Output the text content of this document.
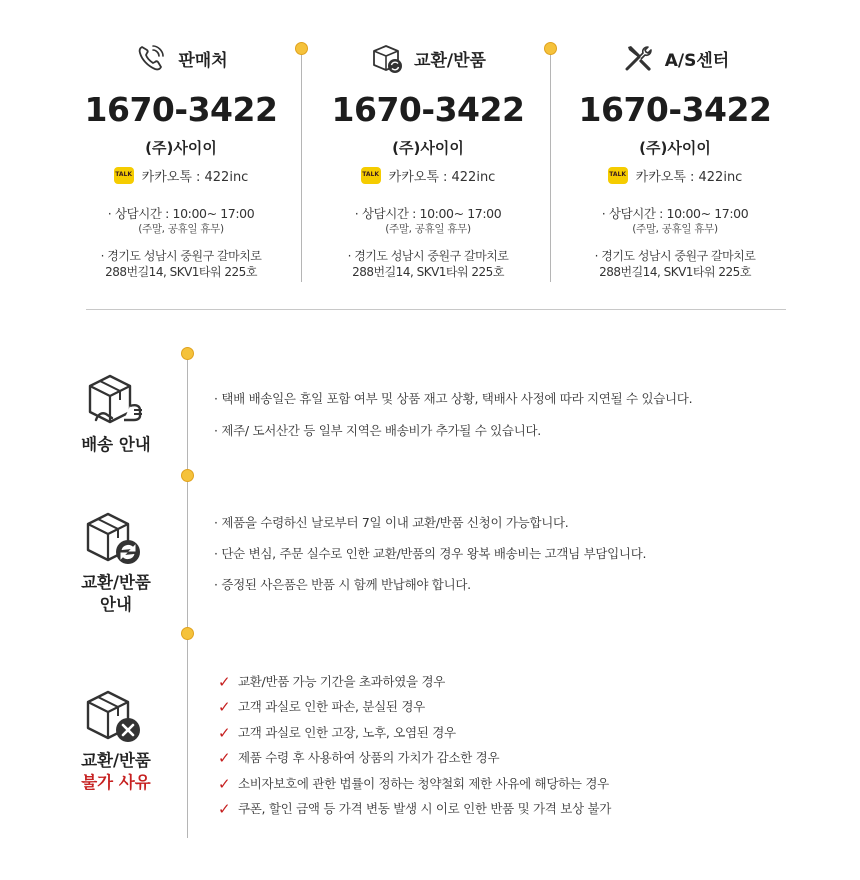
판매처
1670-3422
(주)사이이
TALK 카카오톡 : 422inc
· 상담시간 : 10:00~ 17:00
(주말, 공휴일 휴무)
· 경기도 성남시 중원구 갈마치로
288번길14, SKV1타워 225호
교환/반품
1670-3422
(주)사이이
TALK 카카오톡 : 422inc
· 상담시간 : 10:00~ 17:00
(주말, 공휴일 휴무)
· 경기도 성남시 중원구 갈마치로
288번길14, SKV1타워 225호
A/S센터
1670-3422
(주)사이이
TALK 카카오톡 : 422inc
· 상담시간 : 10:00~ 17:00
(주말, 공휴일 휴무)
· 경기도 성남시 중원구 갈마치로
288번길14, SKV1타워 225호
배송 안내
· 택배 배송일은 휴일 포함 여부 및 상품 재고 상황, 택배사 사정에 따라 지연될 수 있습니다.
· 제주/ 도서산간 등 일부 지역은 배송비가 추가될 수 있습니다.
교환/반품
안내
· 제품을 수령하신 날로부터 7일 이내 교환/반품 신청이 가능합니다.
· 단순 변심, 주문 실수로 인한 교환/반품의 경우 왕복 배송비는 고객님 부담입니다.
· 증정된 사은품은 반품 시 함께 반납해야 합니다.
교환/반품
불가 사유
✓ 교환/반품 가능 기간을 초과하였을 경우
✓ 고객 과실로 인한 파손, 분실된 경우
✓ 고객 과실로 인한 고장, 노후, 오염된 경우
✓ 제품 수령 후 사용하여 상품의 가치가 감소한 경우
✓ 소비자보호에 관한 법률이 정하는 청약철회 제한 사유에 해당하는 경우
✓ 쿠폰, 할인 금액 등 가격 변동 발생 시 이로 인한 반품 및 가격 보상 불가
